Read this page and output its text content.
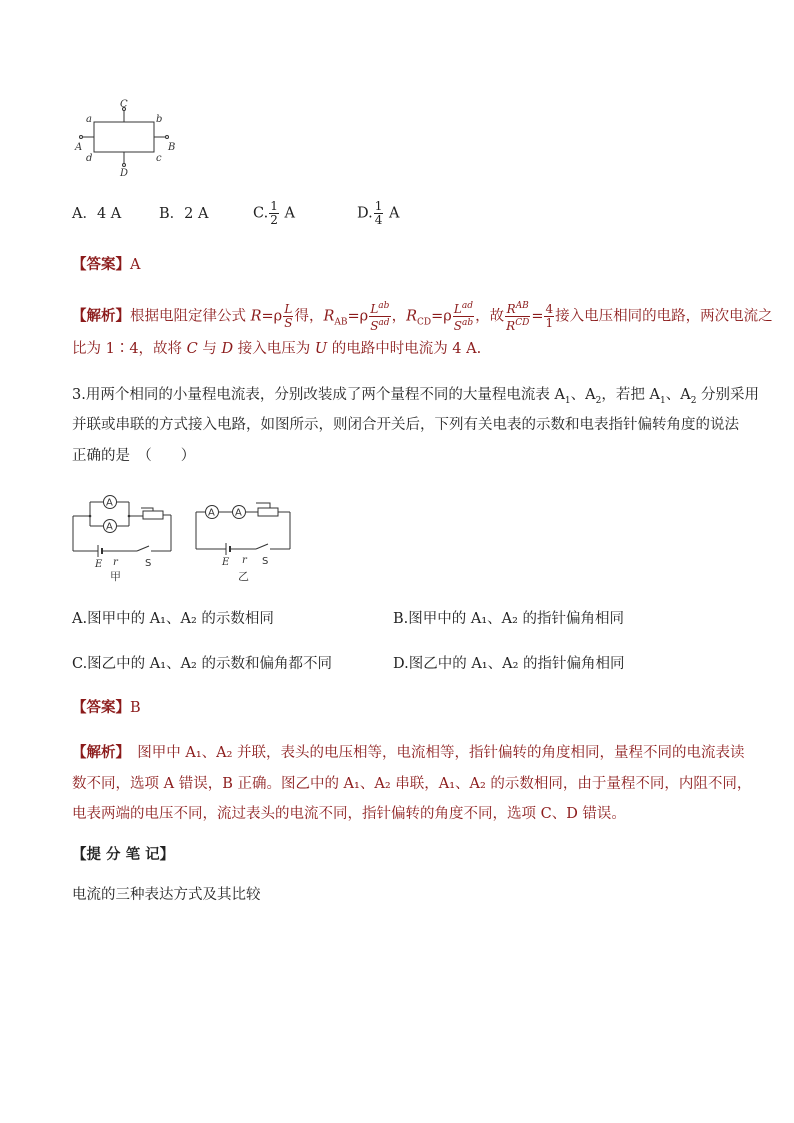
C
D
A	B
a	b
c
d
A．4 A	B．2 A	C. $\frac{1}{2}$ A	D. $\frac{1}{4}$ A
【答案】A
【解析】根据电阻定律公式 $R=\rho \frac{L}{S}$ 得，$R_{AB}=\rho \frac{L^{ab}}{S^{ad}}$ ，$R_{CD}=\rho \frac{L^{ad}}{S^{ab}}$ ，故 $\frac{R^{AB}}{R^{CD}} = \frac{4}{1}$ 接入电压相同的电路，两次电流之
比为 1∶4，故将 C 与 D 接入电压为 U 的电路中时电流为 4 A.
3.用两个相同的小量程电流表，分别改装成了两个量程不同的大量程电流表 $A_1$、$A_2$，若把 $A_1$、$A_2$ 分别采用
并联或串联的方式接入电路，如图所示，则闭合开关后，下列有关电表的示数和电表指针偏转角度的说法
正确的是　（　　）
A
A
E r	S
甲
A A
E r S
乙
A.图甲中的 A₁、A₂ 的示数相同	B.图甲中的 A₁、A₂ 的指针偏角相同
C.图乙中的 A₁、A₂ 的示数和偏角都不同	D.图乙中的 A₁、A₂ 的指针偏角相同
【答案】B
【解析】　图甲中 A₁、A₂ 并联，表头的电压相等，电流相等，指针偏转的角度相同，量程不同的电流表读
数不同，选项 A 错误，B 正确。图乙中的 A₁、A₂ 串联，A₁、A₂ 的示数相同，由于量程不同，内阻不同，
电表两端的电压不同，流过表头的电流不同，指针偏转的角度不同，选项 C、D 错误。
【提 分 笔 记】
电流的三种表达方式及其比较
